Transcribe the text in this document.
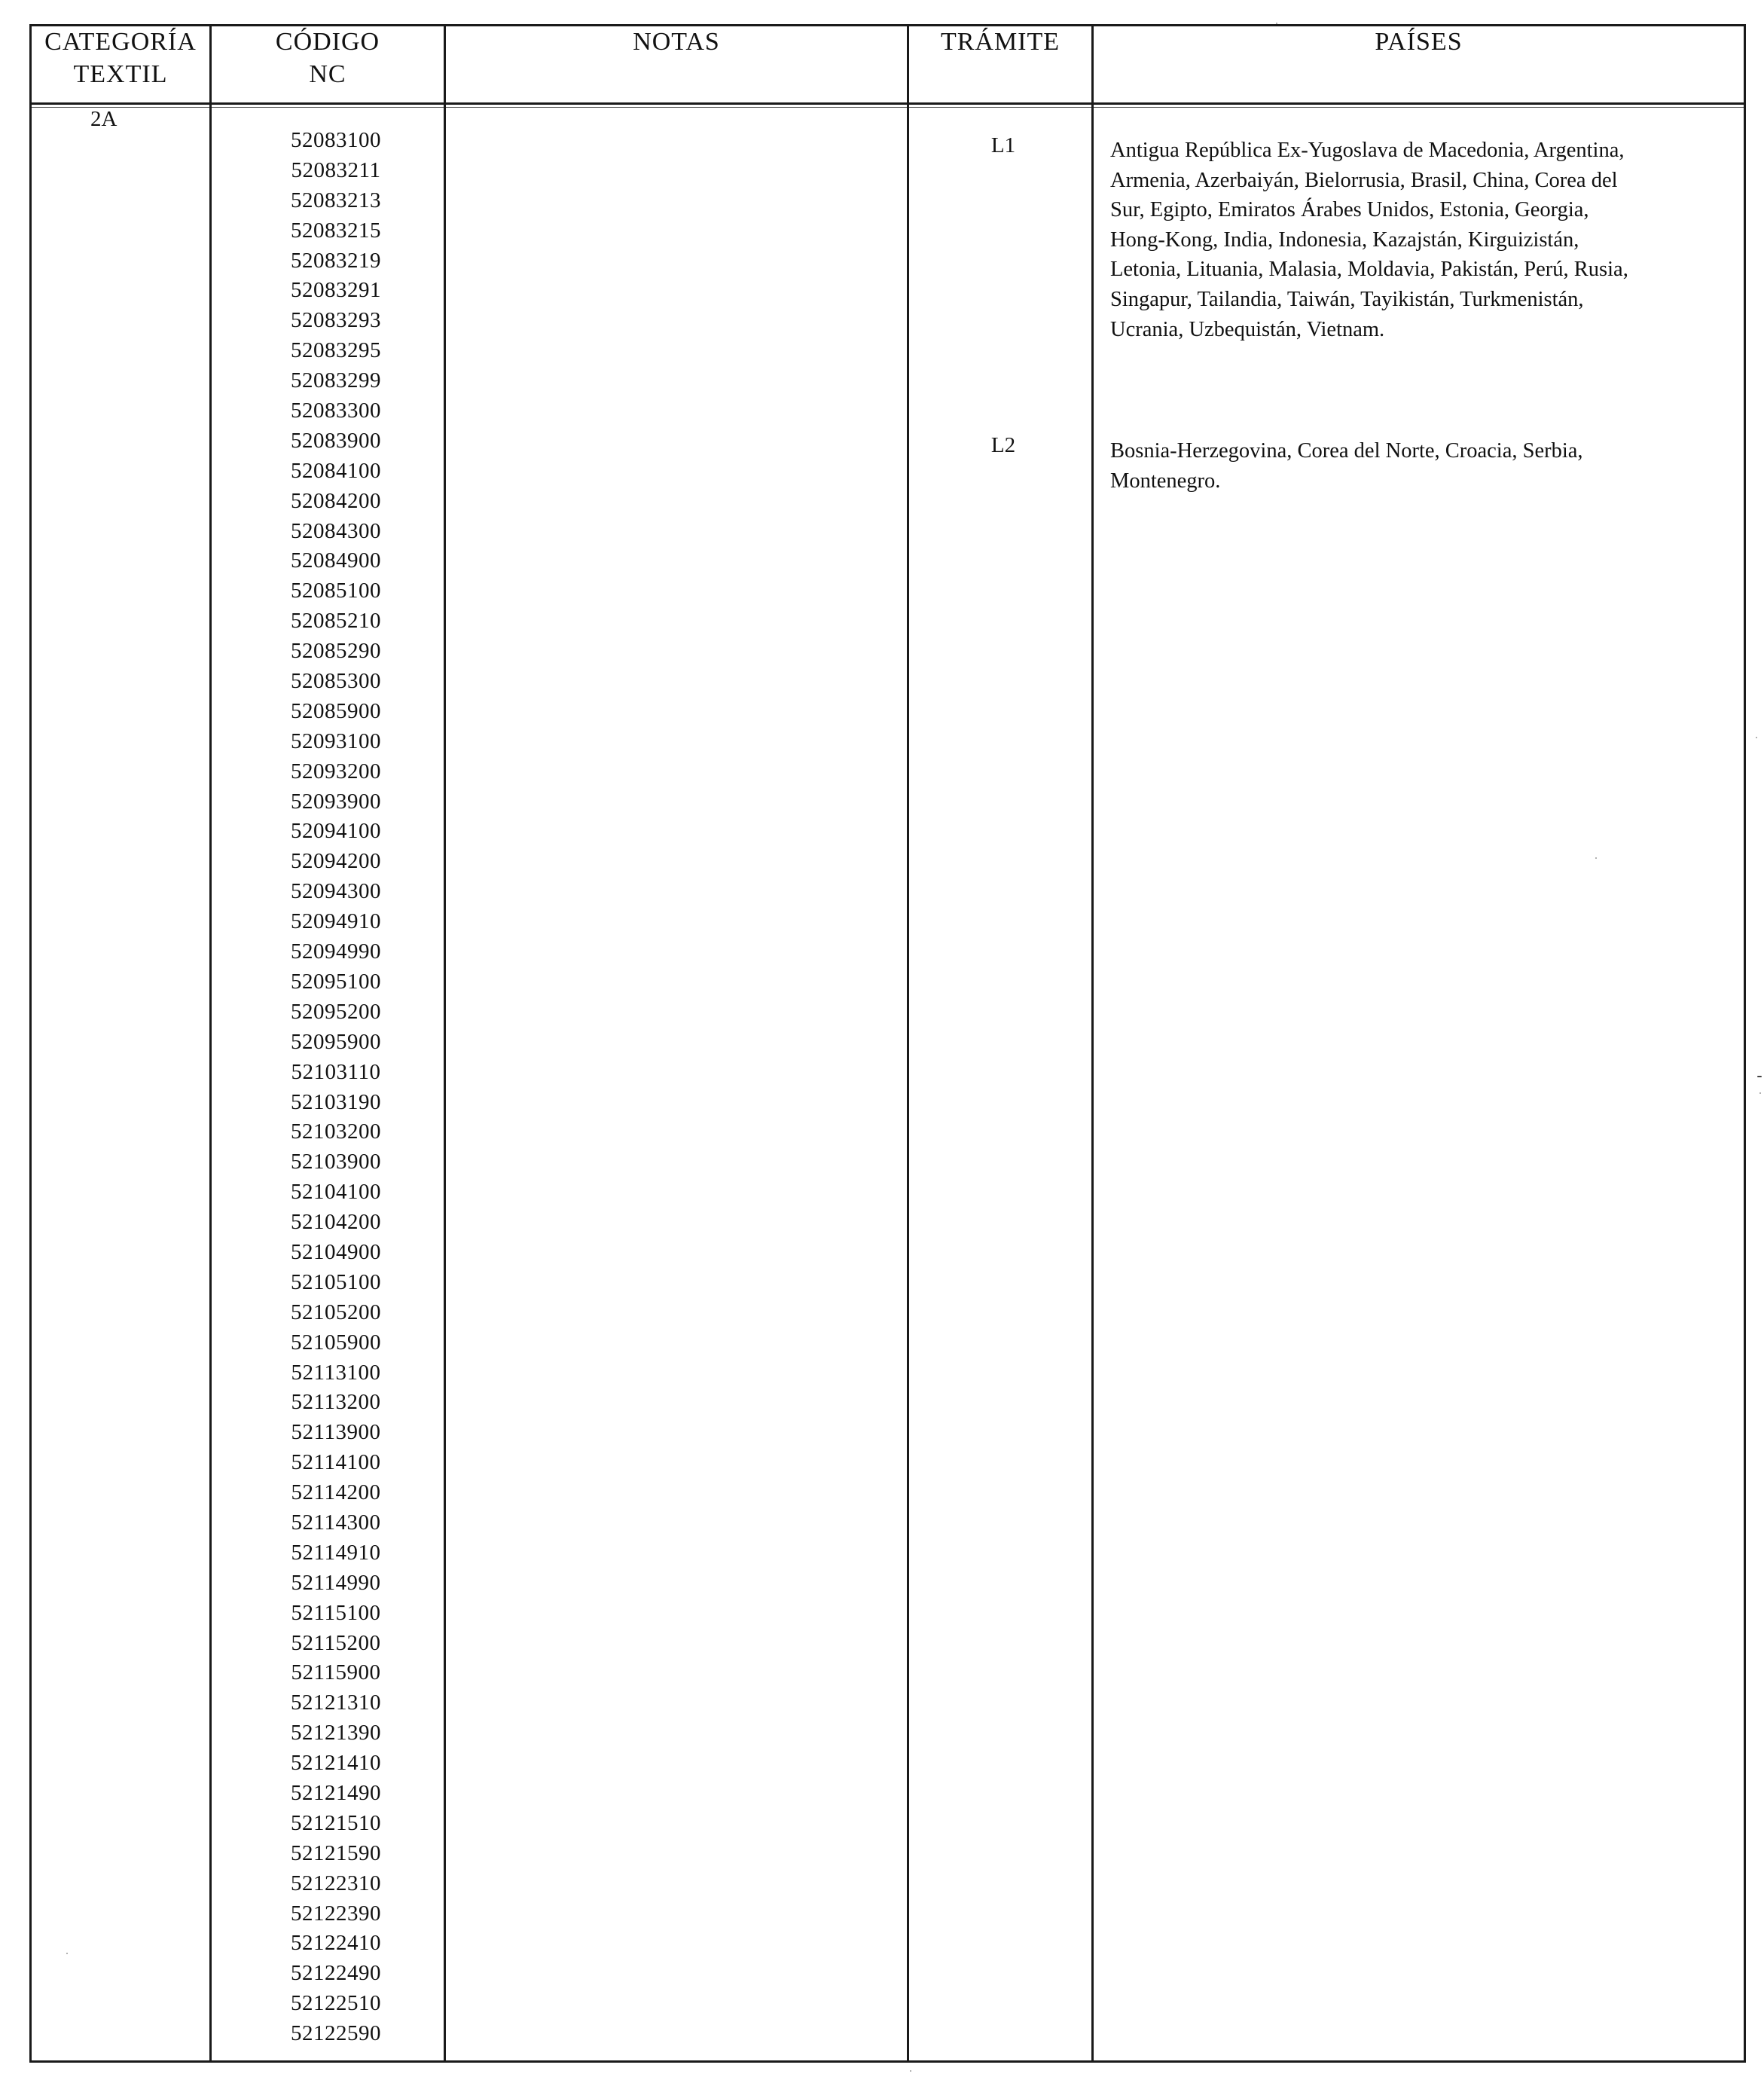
CATEGORÍA
TEXTIL
CÓDIGO
NC
NOTAS	TRÁMITE	PAÍSES
2A
52083100
52083211
52083213
52083215
52083219
52083291
52083293
52083295
52083299
52083300
52083900
52084100
52084200
52084300
52084900
52085100
52085210
52085290
52085300
52085900
52093100
52093200
52093900
52094100
52094200
52094300
52094910
52094990
52095100
52095200
52095900
52103110
52103190
52103200
52103900
52104100
52104200
52104900
52105100
52105200
52105900
52113100
52113200
52113900
52114100
52114200
52114300
52114910
52114990
52115100
52115200
52115900
52121310
52121390
52121410
52121490
52121510
52121590
52122310
52122390
52122410
52122490
52122510
52122590
L1
L2
Antigua República Ex-Yugoslava de Macedonia, Argentina,
Armenia, Azerbaiyán, Bielorrusia, Brasil, China, Corea del
Sur, Egipto, Emiratos Árabes Unidos, Estonia, Georgia,
Hong-Kong, India, Indonesia, Kazajstán, Kirguizistán,
Letonia, Lituania, Malasia, Moldavia, Pakistán, Perú, Rusia,
Singapur, Tailandia, Taiwán, Tayikistán, Turkmenistán,
Ucrania, Uzbequistán, Vietnam.
Bosnia-Herzegovina, Corea del Norte, Croacia, Serbia,
Montenegro.
